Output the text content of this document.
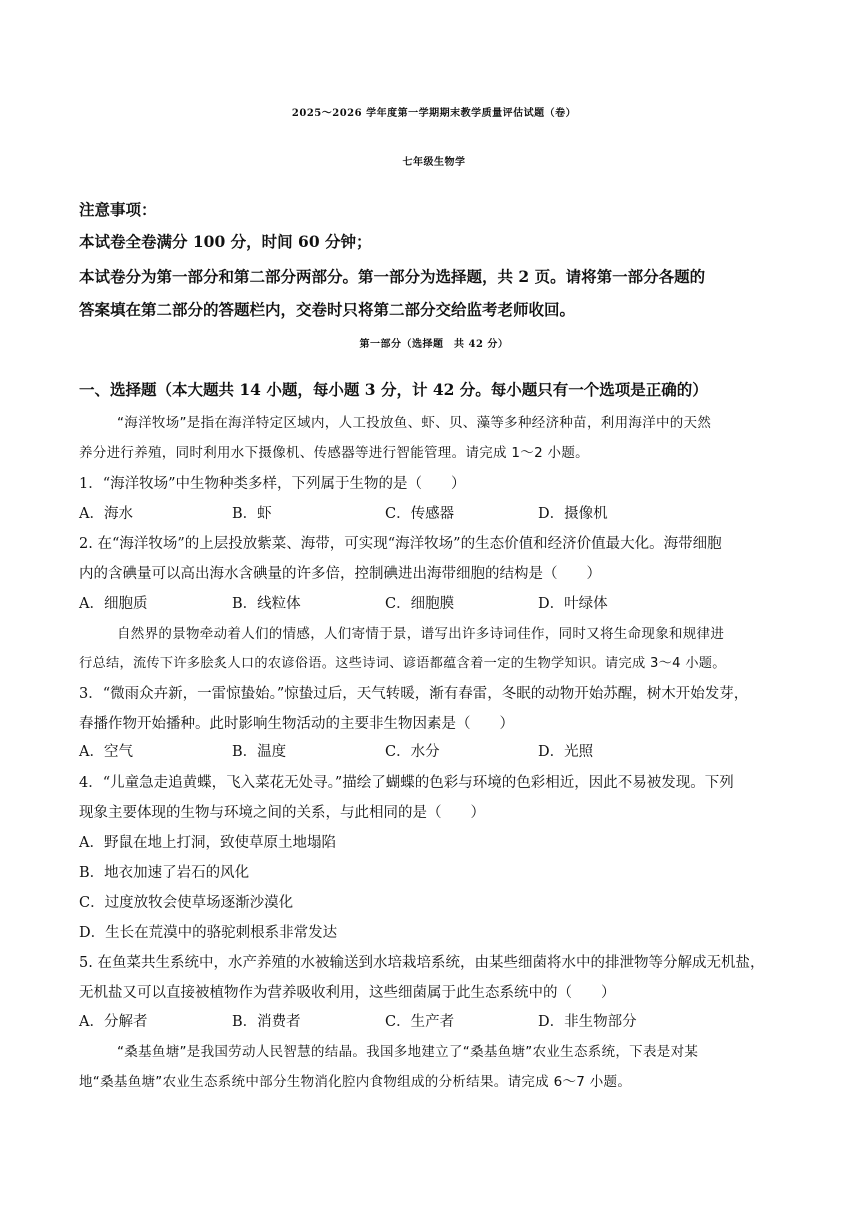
2025～2026 学年度第一学期期末教学质量评估试题（卷）
七年级生物学
注意事项：
本试卷全卷满分 100 分，时间 60 分钟；
本试卷分为第一部分和第二部分两部分。第一部分为选择题，共 2 页。请将第一部分各题的
答案填在第二部分的答题栏内，交卷时只将第二部分交给监考老师收回。
第一部分（选择题　共 42 分）
一、选择题（本大题共 14 小题，每小题 3 分，计 42 分。每小题只有一个选项是正确的）
“海洋牧场”是指在海洋特定区域内，人工投放鱼、虾、贝、藻等多种经济种苗，利用海洋中的天然
养分进行养殖，同时利用水下摄像机、传感器等进行智能管理。请完成 1～2 小题。
1．“海洋牧场”中生物种类多样，下列属于生物的是（　　）
A．海水	B．虾	C．传感器	D．摄像机
2. 在“海洋牧场”的上层投放紫菜、海带，可实现“海洋牧场”的生态价值和经济价值最大化。海带细胞
内的含碘量可以高出海水含碘量的许多倍，控制碘进出海带细胞的结构是（　　）
A．细胞质	B．线粒体	C．细胞膜	D．叶绿体
自然界的景物牵动着人们的情感，人们寄情于景，谱写出许多诗词佳作，同时又将生命现象和规律进
行总结，流传下许多脍炙人口的农谚俗语。这些诗词、谚语都蕴含着一定的生物学知识。请完成 3～4 小题。
3．“微雨众卉新，一雷惊蛰始。”惊蛰过后，天气转暖，渐有春雷，冬眠的动物开始苏醒，树木开始发芽，
春播作物开始播种。此时影响生物活动的主要非生物因素是（　　）
A．空气	B．温度	C．水分	D．光照
4．“儿童急走追黄蝶，飞入菜花无处寻。”描绘了蝴蝶的色彩与环境的色彩相近，因此不易被发现。下列
现象主要体现的生物与环境之间的关系，与此相同的是（　　）
A．野鼠在地上打洞，致使草原土地塌陷
B．地衣加速了岩石的风化
C．过度放牧会使草场逐渐沙漠化
D．生长在荒漠中的骆驼刺根系非常发达
5. 在鱼菜共生系统中，水产养殖的水被输送到水培栽培系统，由某些细菌将水中的排泄物等分解成无机盐，
无机盐又可以直接被植物作为营养吸收利用，这些细菌属于此生态系统中的（　　）
A．分解者	B．消费者	C．生产者	D．非生物部分
“桑基鱼塘”是我国劳动人民智慧的结晶。我国多地建立了“桑基鱼塘”农业生态系统，下表是对某
地“桑基鱼塘”农业生态系统中部分生物消化腔内食物组成的分析结果。请完成 6～7 小题。
